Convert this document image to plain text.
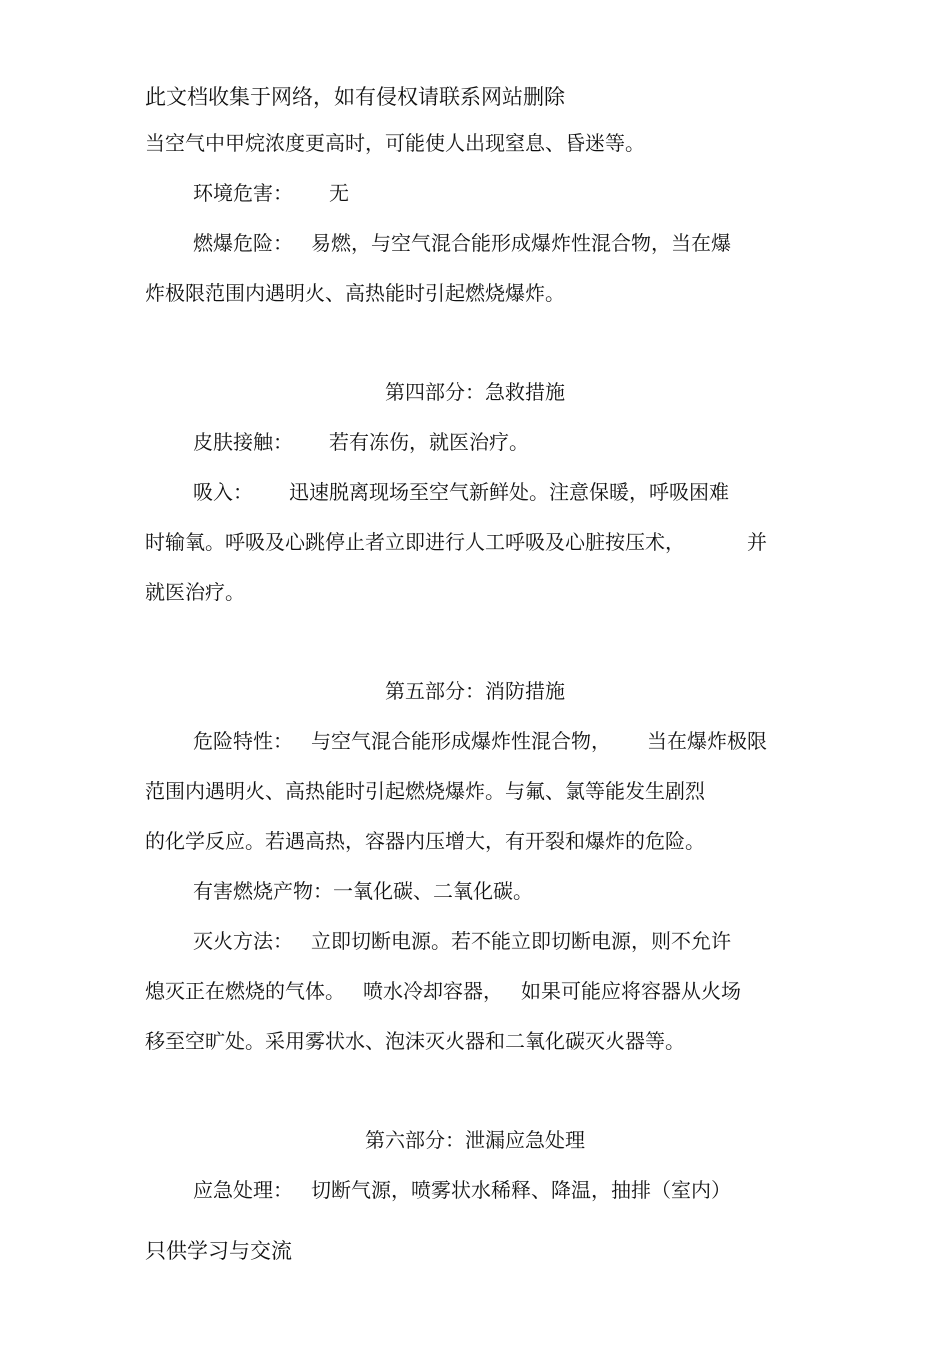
此文档收集于网络，如有侵权请联系网站删除

当空气中甲烷浓度更高时，可能使人出现窒息、昏迷等。

环境危害： 无

燃爆危险： 易燃，与空气混合能形成爆炸性混合物，当在爆

炸极限范围内遇明火、高热能时引起燃烧爆炸。

第四部分：急救措施

皮肤接触： 若有冻伤，就医治疗。

吸入： 迅速脱离现场至空气新鲜处。注意保暖，呼吸困难

时输氧。呼吸及心跳停止者立即进行人工呼吸及心脏按压术，	并

就医治疗。

第五部分：消防措施

危险特性： 与空气混合能形成爆炸性混合物， 当在爆炸极限

范围内遇明火、高热能时引起燃烧爆炸。与氟、氯等能发生剧烈

的化学反应。若遇高热，容器内压增大，有开裂和爆炸的危险。

有害燃烧产物：一氧化碳、二氧化碳。

灭火方法： 立即切断电源。若不能立即切断电源，则不允许

熄灭正在燃烧的气体。 喷水冷却容器， 如果可能应将容器从火场

移至空旷处。采用雾状水、泡沫灭火器和二氧化碳灭火器等。

第六部分：泄漏应急处理

应急处理： 切断气源，喷雾状水稀释、降温，抽排（室内）

只供学习与交流
